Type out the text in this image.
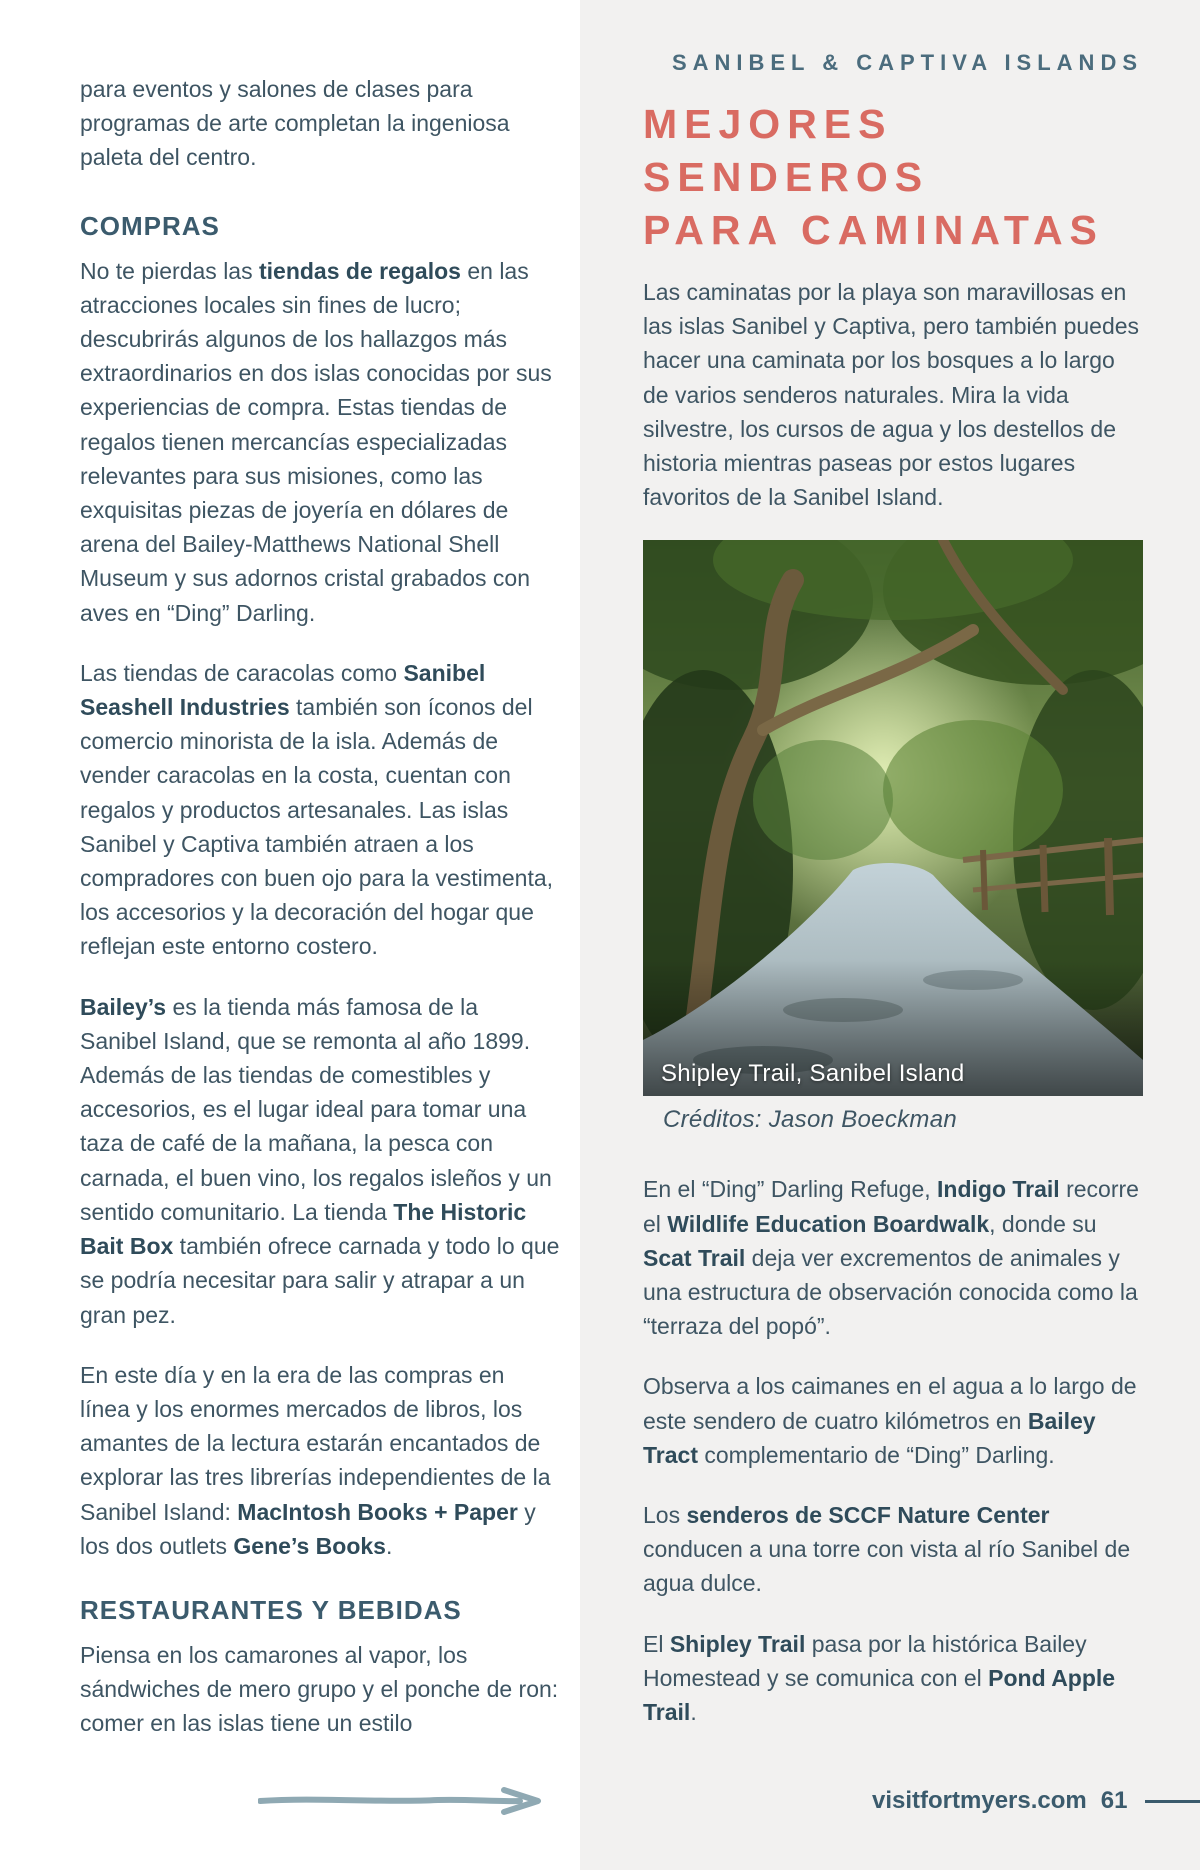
para eventos y salones de clases para programas de arte completan la ingeniosa paleta del centro.

COMPRAS

No te pierdas las tiendas de regalos en las atracciones locales sin fines de lucro; descubrirás algunos de los hallazgos más extraordinarios en dos islas conocidas por sus experiencias de compra. Estas tiendas de regalos tienen mercancías especializadas relevantes para sus misiones, como las exquisitas piezas de joyería en dólares de arena del Bailey-Matthews National Shell Museum y sus adornos cristal grabados con aves en “Ding” Darling.

Las tiendas de caracolas como Sanibel Seashell Industries también son íconos del comercio minorista de la isla. Además de vender caracolas en la costa, cuentan con regalos y productos artesanales. Las islas Sanibel y Captiva también atraen a los compradores con buen ojo para la vestimenta, los accesorios y la decoración del hogar que reflejan este entorno costero.

Bailey’s es la tienda más famosa de la Sanibel Island, que se remonta al año 1899. Además de las tiendas de comestibles y accesorios, es el lugar ideal para tomar una taza de café de la mañana, la pesca con carnada, el buen vino, los regalos isleños y un sentido comunitario. La tienda The Historic Bait Box también ofrece carnada y todo lo que se podría necesitar para salir y atrapar a un gran pez.

En este día y en la era de las compras en línea y los enormes mercados de libros, los amantes de la lectura estarán encantados de explorar las tres librerías independientes de la Sanibel Island: MacIntosh Books + Paper y los dos outlets Gene’s Books.

RESTAURANTES Y BEBIDAS

Piensa en los camarones al vapor, los sándwiches de mero grupo y el ponche de ron: comer en las islas tiene un estilo

SANIBEL & CAPTIVA ISLANDS
MEJORES SENDEROS
PARA CAMINATAS

Las caminatas por la playa son maravillosas en las islas Sanibel y Captiva, pero también puedes hacer una caminata por los bosques a lo largo de varios senderos naturales. Mira la vida silvestre, los cursos de agua y los destellos de historia mientras paseas por estos lugares favoritos de la Sanibel Island.

Shipley Trail, Sanibel Island
Créditos: Jason Boeckman

En el “Ding” Darling Refuge, Indigo Trail recorre el Wildlife Education Boardwalk, donde su Scat Trail deja ver excrementos de animales y una estructura de observación conocida como la “terraza del popó”.

Observa a los caimanes en el agua a lo largo de este sendero de cuatro kilómetros en Bailey Tract complementario de “Ding” Darling.

Los senderos de SCCF Nature Center conducen a una torre con vista al río Sanibel de agua dulce.

El Shipley Trail pasa por la histórica Bailey Homestead y se comunica con el Pond Apple Trail.

visitfortmyers.com 61
